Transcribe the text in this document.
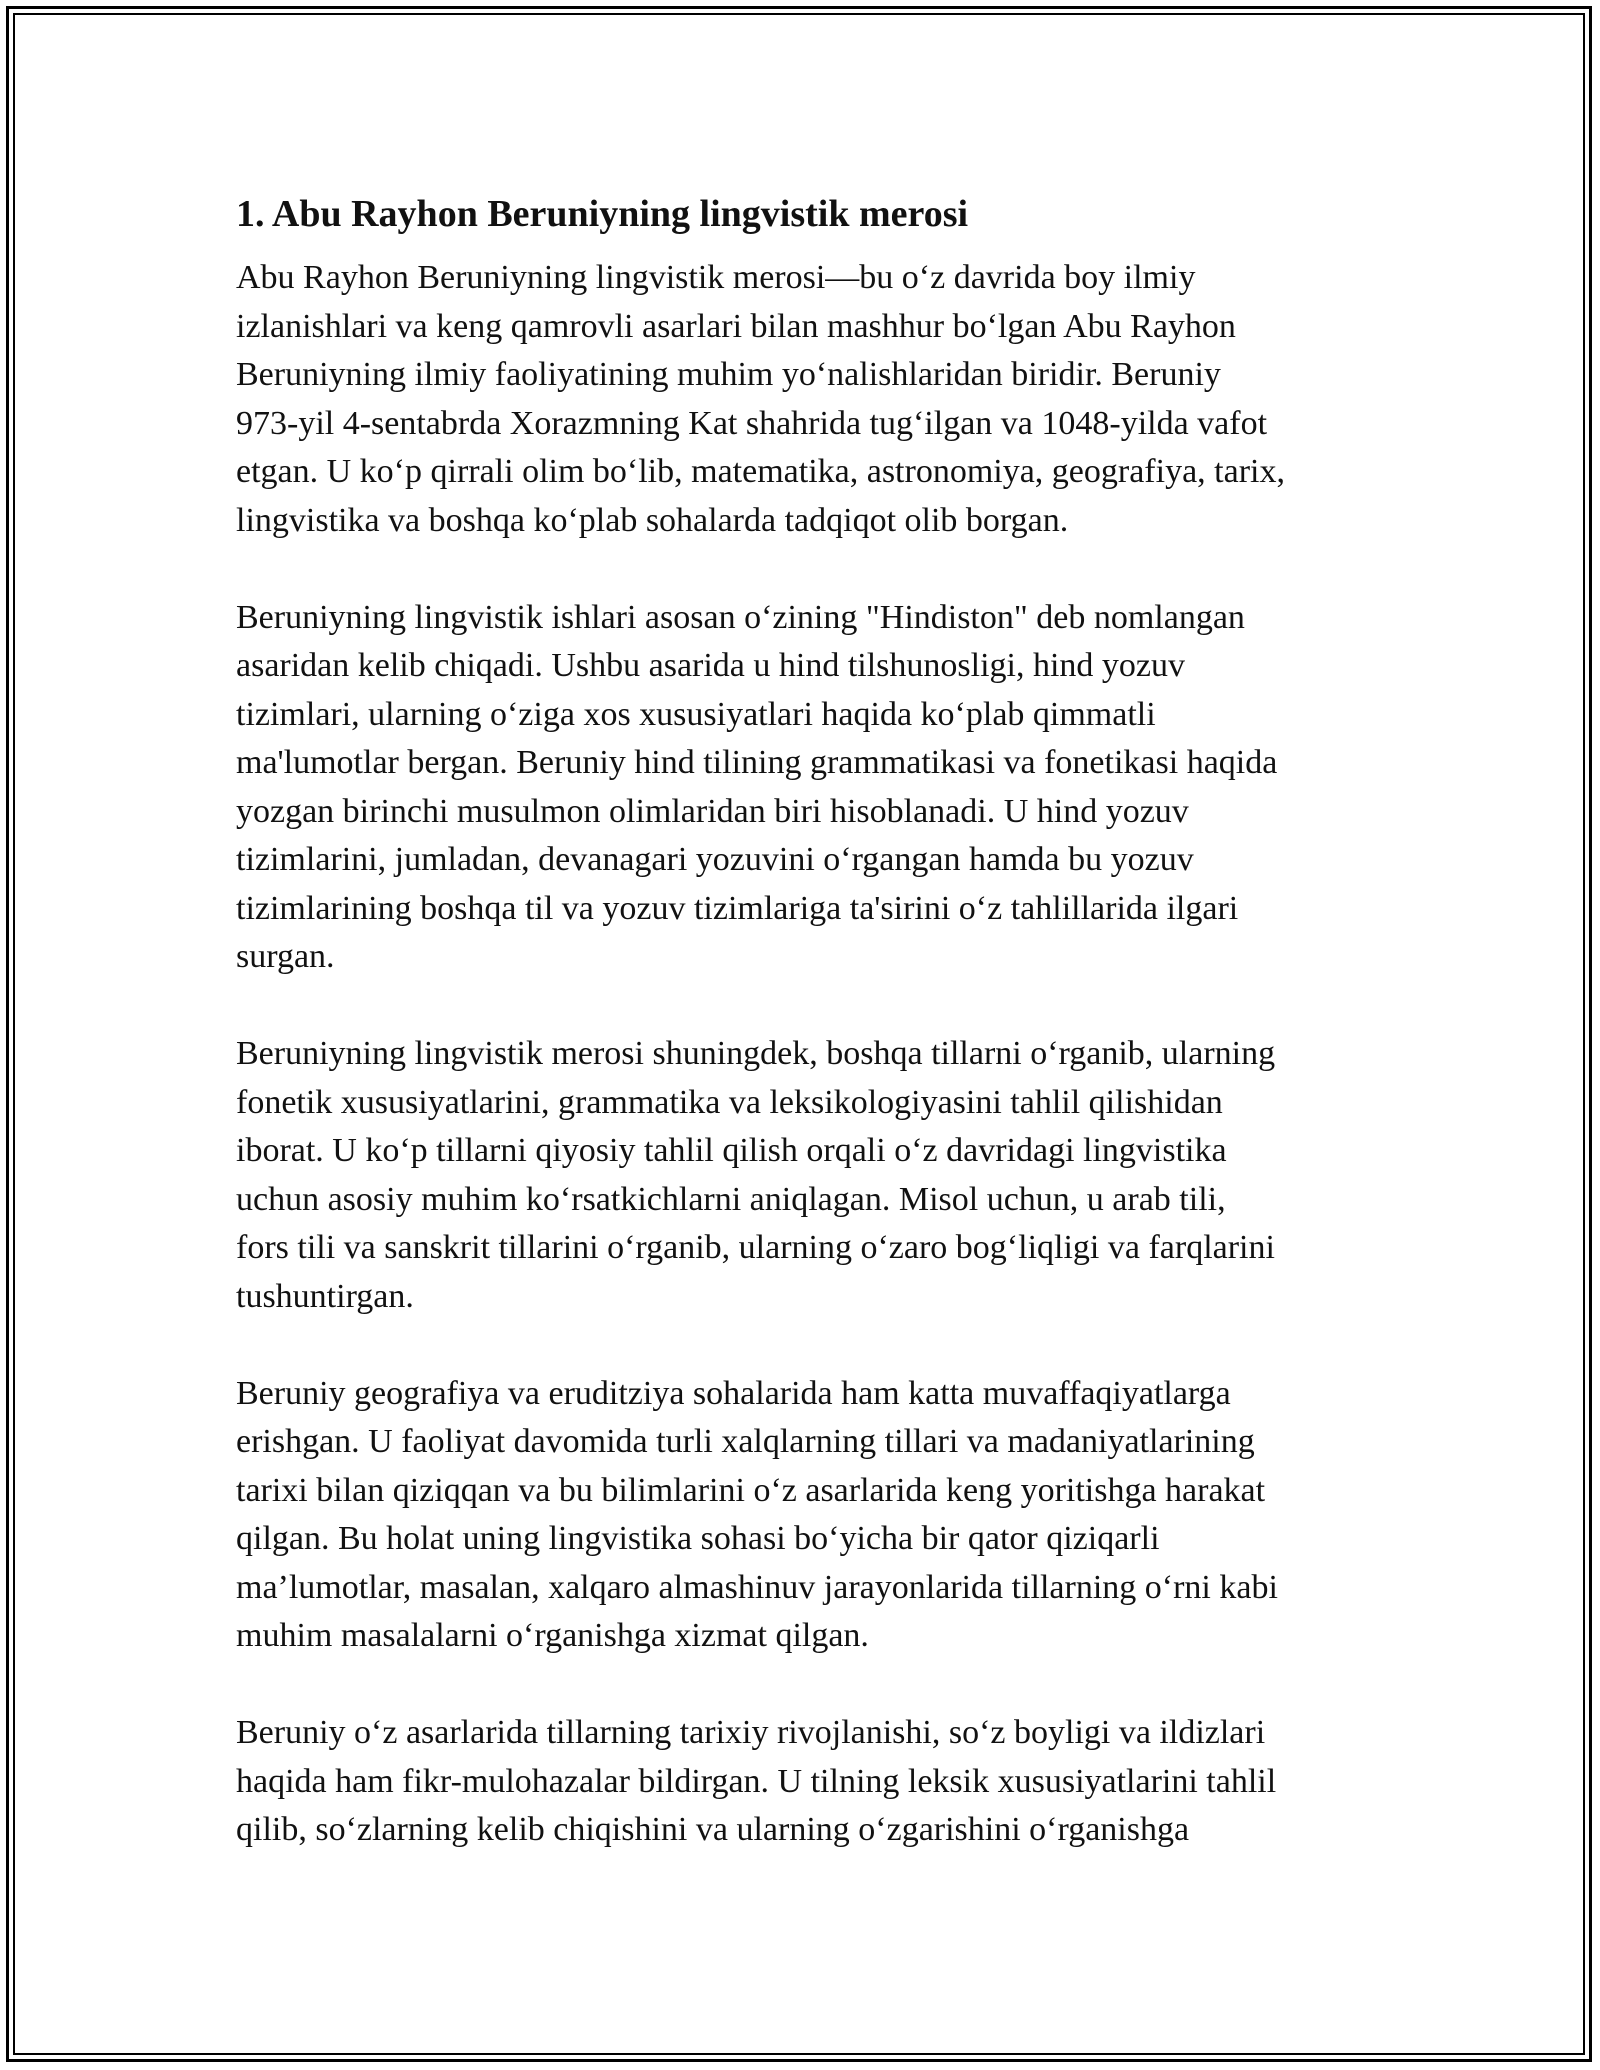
1. Abu Rayhon Beruniyning lingvistik merosi

Abu Rayhon Beruniyning lingvistik merosi—bu o‘z davrida boy ilmiy
izlanishlari va keng qamrovli asarlari bilan mashhur bo‘lgan Abu Rayhon
Beruniyning ilmiy faoliyatining muhim yo‘nalishlaridan biridir. Beruniy
973-yil 4-sentabrda Xorazmning Kat shahrida tug‘ilgan va 1048-yilda vafot
etgan. U ko‘p qirrali olim bo‘lib, matematika, astronomiya, geografiya, tarix,
lingvistika va boshqa ko‘plab sohalarda tadqiqot olib borgan.

Beruniyning lingvistik ishlari asosan o‘zining "Hindiston" deb nomlangan
asaridan kelib chiqadi. Ushbu asarida u hind tilshunosligi, hind yozuv
tizimlari, ularning o‘ziga xos xususiyatlari haqida ko‘plab qimmatli
ma'lumotlar bergan. Beruniy hind tilining grammatikasi va fonetikasi haqida
yozgan birinchi musulmon olimlaridan biri hisoblanadi. U hind yozuv
tizimlarini, jumladan, devanagari yozuvini o‘rgangan hamda bu yozuv
tizimlarining boshqa til va yozuv tizimlariga ta'sirini o‘z tahlillarida ilgari
surgan.

Beruniyning lingvistik merosi shuningdek, boshqa tillarni o‘rganib, ularning
fonetik xususiyatlarini, grammatika va leksikologiyasini tahlil qilishidan
iborat. U ko‘p tillarni qiyosiy tahlil qilish orqali o‘z davridagi lingvistika
uchun asosiy muhim ko‘rsatkichlarni aniqlagan. Misol uchun, u arab tili,
fors tili va sanskrit tillarini o‘rganib, ularning o‘zaro bog‘liqligi va farqlarini
tushuntirgan.

Beruniy geografiya va eruditziya sohalarida ham katta muvaffaqiyatlarga
erishgan. U faoliyat davomida turli xalqlarning tillari va madaniyatlarining
tarixi bilan qiziqqan va bu bilimlarini o‘z asarlarida keng yoritishga harakat
qilgan. Bu holat uning lingvistika sohasi bo‘yicha bir qator qiziqarli
ma’lumotlar, masalan, xalqaro almashinuv jarayonlarida tillarning o‘rni kabi
muhim masalalarni o‘rganishga xizmat qilgan.

Beruniy o‘z asarlarida tillarning tarixiy rivojlanishi, so‘z boyligi va ildizlari
haqida ham fikr-mulohazalar bildirgan. U tilning leksik xususiyatlarini tahlil
qilib, so‘zlarning kelib chiqishini va ularning o‘zgarishini o‘rganishga
